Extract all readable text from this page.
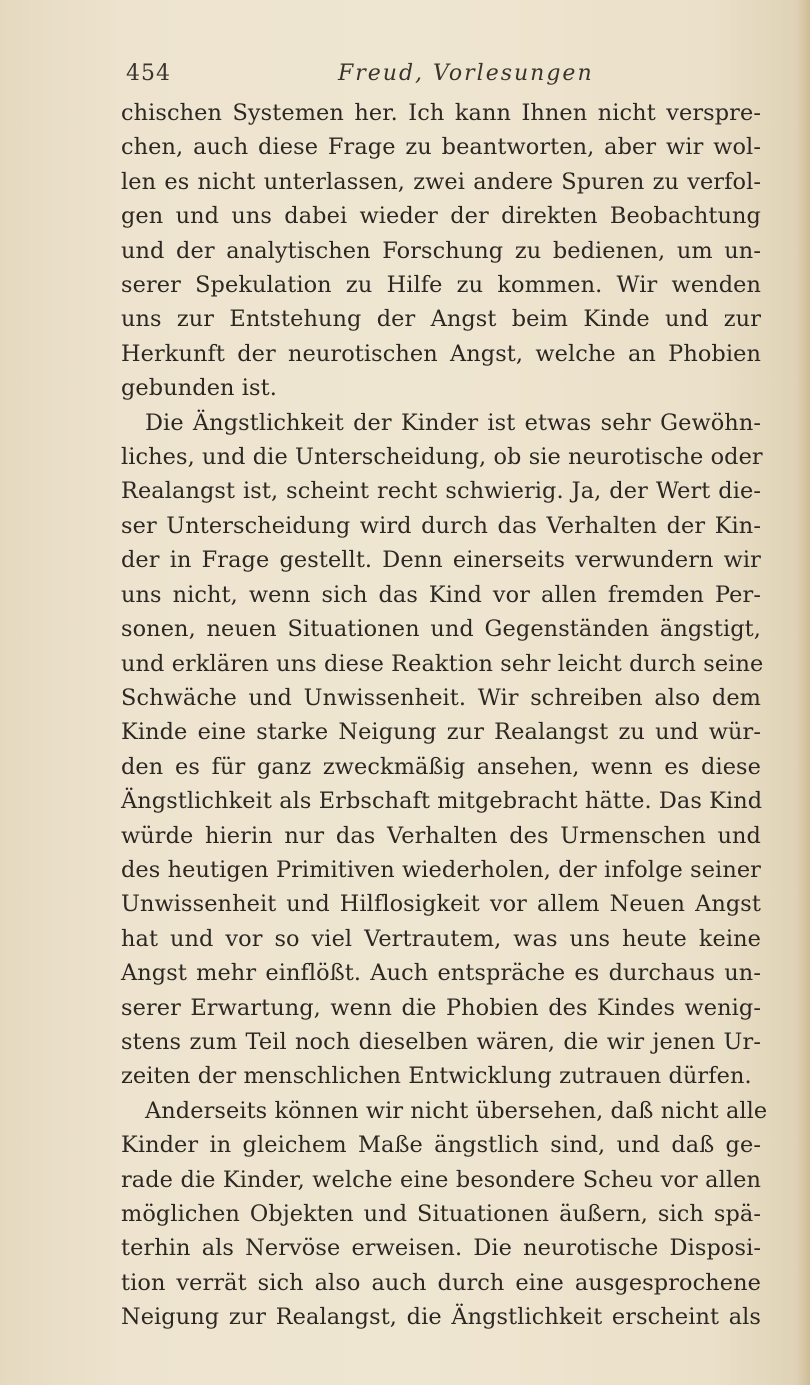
454	Freud, Vorlesungen
chischen Systemen her. Ich kann Ihnen nicht verspre-
chen, auch diese Frage zu beantworten, aber wir wol-
len es nicht unterlassen, zwei andere Spuren zu verfol-
gen und uns dabei wieder der direkten Beobachtung
und der analytischen Forschung zu bedienen, um un-
serer Spekulation zu Hilfe zu kommen. Wir wenden
uns zur Entstehung der Angst beim Kinde und zur
Herkunft der neurotischen Angst, welche an Phobien
gebunden ist.
Die Ängstlichkeit der Kinder ist etwas sehr Gewöhn-
liches, und die Unterscheidung, ob sie neurotische oder
Realangst ist, scheint recht schwierig. Ja, der Wert die-
ser Unterscheidung wird durch das Verhalten der Kin-
der in Frage gestellt. Denn einerseits verwundern wir
uns nicht, wenn sich das Kind vor allen fremden Per-
sonen, neuen Situationen und Gegenständen ängstigt,
und erklären uns diese Reaktion sehr leicht durch seine
Schwäche und Unwissenheit. Wir schreiben also dem
Kinde eine starke Neigung zur Realangst zu und wür-
den es für ganz zweckmäßig ansehen, wenn es diese
Ängstlichkeit als Erbschaft mitgebracht hätte. Das Kind
würde hierin nur das Verhalten des Urmenschen und
des heutigen Primitiven wiederholen, der infolge seiner
Unwissenheit und Hilflosigkeit vor allem Neuen Angst
hat und vor so viel Vertrautem, was uns heute keine
Angst mehr einflößt. Auch entspräche es durchaus un-
serer Erwartung, wenn die Phobien des Kindes wenig-
stens zum Teil noch dieselben wären, die wir jenen Ur-
zeiten der menschlichen Entwicklung zutrauen dürfen.
Anderseits können wir nicht übersehen, daß nicht alle
Kinder in gleichem Maße ängstlich sind, und daß ge-
rade die Kinder, welche eine besondere Scheu vor allen
möglichen Objekten und Situationen äußern, sich spä-
terhin als Nervöse erweisen. Die neurotische Disposi-
tion verrät sich also auch durch eine ausgesprochene
Neigung zur Realangst, die Ängstlichkeit erscheint als
